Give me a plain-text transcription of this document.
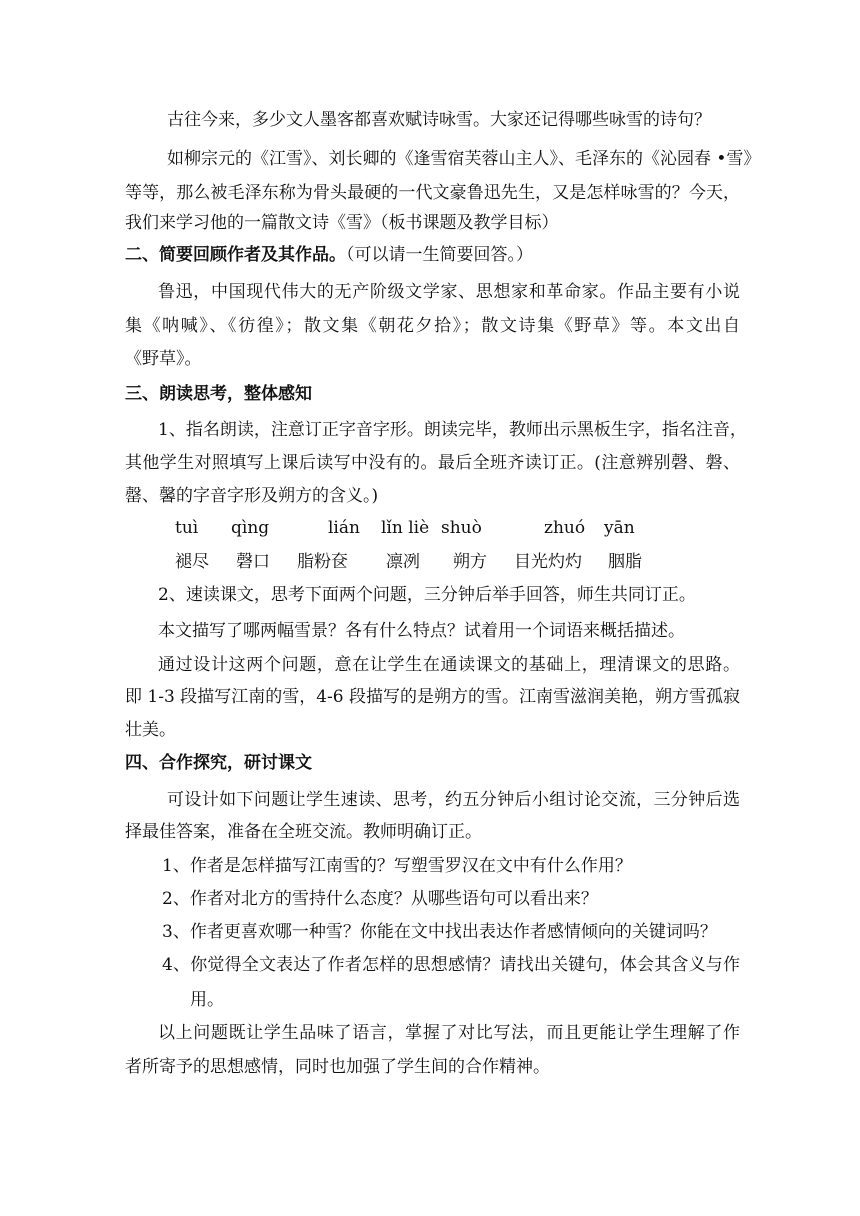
古往今来，多少文人墨客都喜欢赋诗咏雪。大家还记得哪些咏雪的诗句？
如柳宗元的《江雪》、刘长卿的《逢雪宿芙蓉山主人》、毛泽东的《沁园春 •雪》
等等，那么被毛泽东称为骨头最硬的一代文豪鲁迅先生，又是怎样咏雪的？今天，
我们来学习他的一篇散文诗《雪》（板书课题及教学目标）
二、简要回顾作者及其作品。（可以请一生简要回答。）
鲁迅，中国现代伟大的无产阶级文学家、思想家和革命家。作品主要有小说
集《呐喊》、《彷徨》；散文集《朝花夕拾》；散文诗集《野草》等。本文出自
《野草》。
三、朗读思考，整体感知
1、指名朗读，注意订正字音字形。朗读完毕，教师出示黑板生字，指名注音，
其他学生对照填写上课后读写中没有的。最后全班齐读订正。(注意辨别磬、磐、
罄、馨的字音字形及朔方的含义。)
tuì qìng	lián lǐn liè shuò	zhuó yān
褪尽 磬口 脂粉奁 凛冽 朔方 目光灼灼 胭脂
2、速读课文，思考下面两个问题，三分钟后举手回答，师生共同订正。
本文描写了哪两幅雪景？各有什么特点？试着用一个词语来概括描述。
通过设计这两个问题，意在让学生在通读课文的基础上，理清课文的思路。
即 1-3 段描写江南的雪，4-6 段描写的是朔方的雪。江南雪滋润美艳，朔方雪孤寂
壮美。
四、合作探究，研讨课文
可设计如下问题让学生速读、思考，约五分钟后小组讨论交流，三分钟后选
择最佳答案，准备在全班交流。教师明确订正。
1、作者是怎样描写江南雪的？写塑雪罗汉在文中有什么作用？
2、作者对北方的雪持什么态度？从哪些语句可以看出来？
3、作者更喜欢哪一种雪？你能在文中找出表达作者感情倾向的关键词吗？
4、你觉得全文表达了作者怎样的思想感情？请找出关键句，体会其含义与作
用。
以上问题既让学生品味了语言，掌握了对比写法，而且更能让学生理解了作
者所寄予的思想感情，同时也加强了学生间的合作精神。
